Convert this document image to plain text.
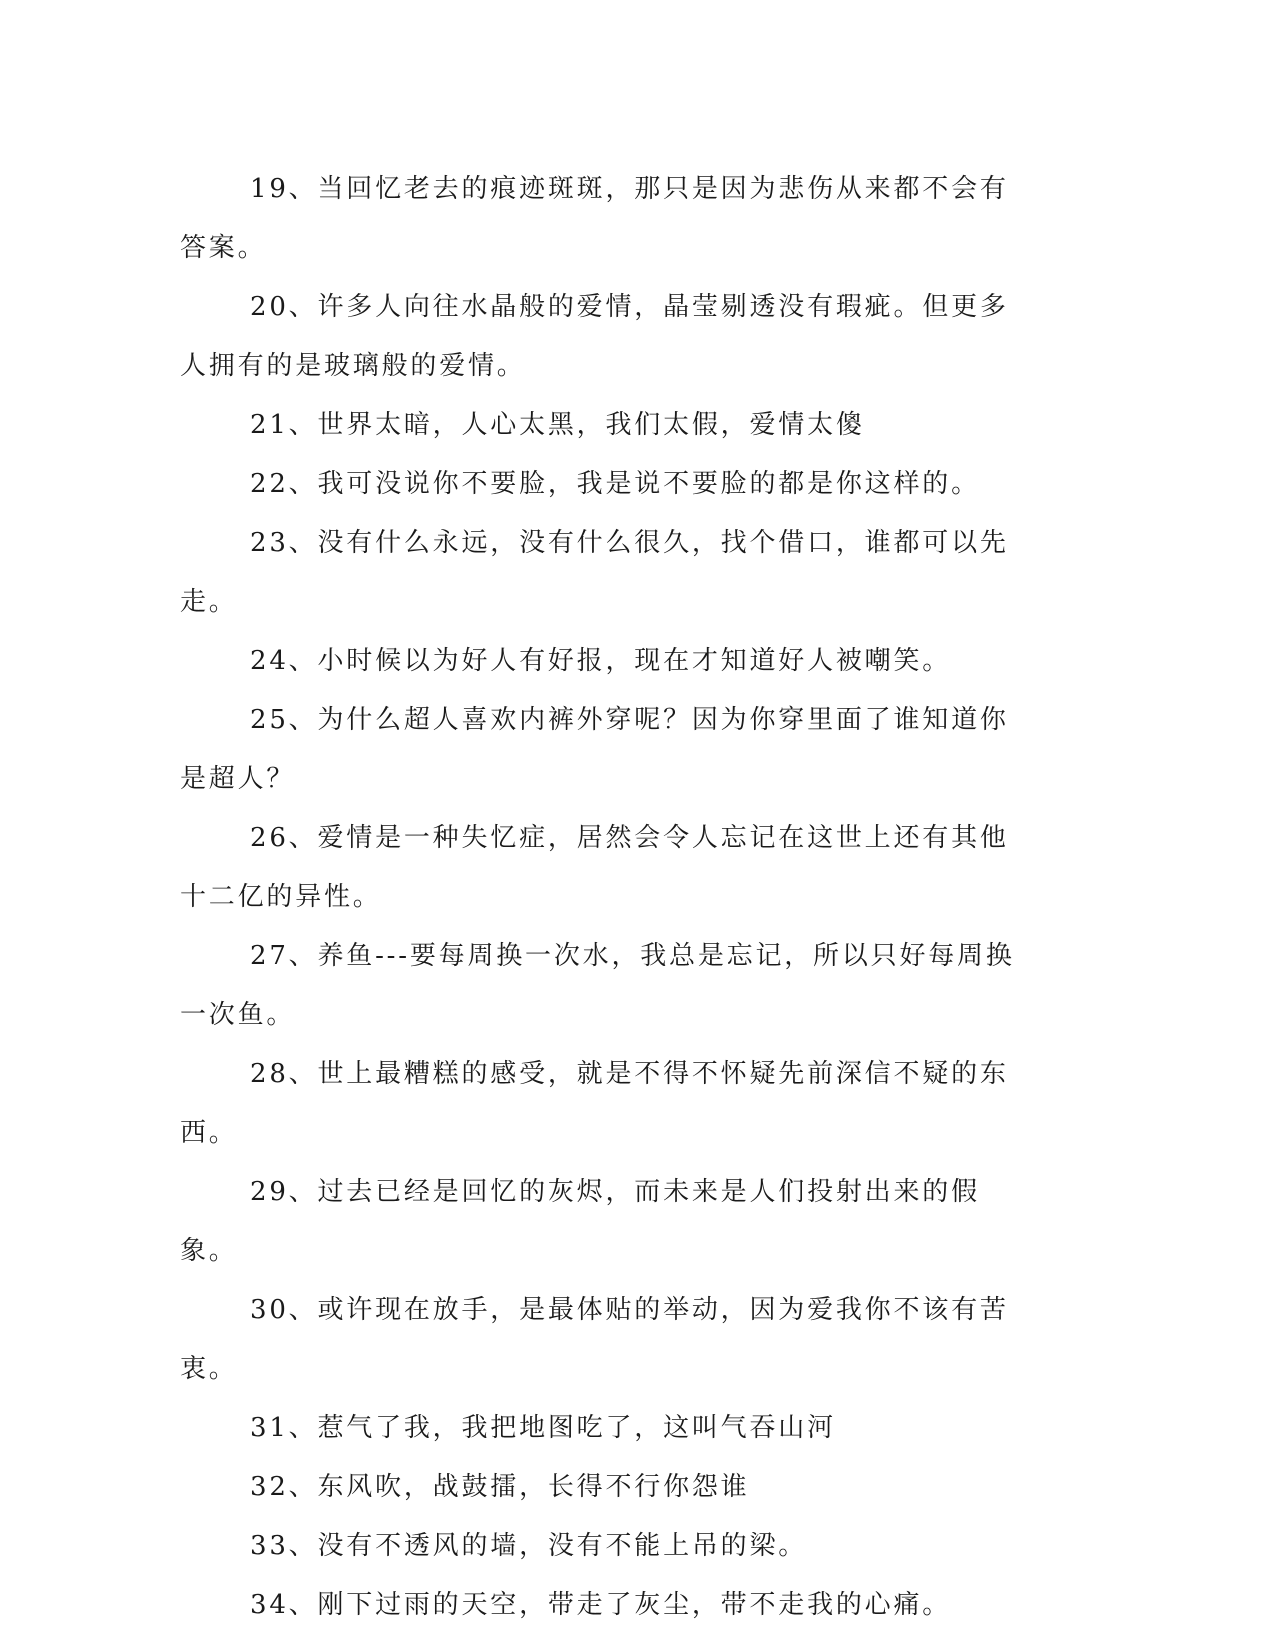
19、当回忆老去的痕迹斑斑，那只是因为悲伤从来都不会有答案。

20、许多人向往水晶般的爱情，晶莹剔透没有瑕疵。但更多人拥有的是玻璃般的爱情。

21、世界太暗，人心太黑，我们太假，爱情太傻

22、我可没说你不要脸，我是说不要脸的都是你这样的。

23、没有什么永远，没有什么很久，找个借口，谁都可以先走。

24、小时候以为好人有好报，现在才知道好人被嘲笑。

25、为什么超人喜欢内裤外穿呢？因为你穿里面了谁知道你是超人？

26、爱情是一种失忆症，居然会令人忘记在这世上还有其他十二亿的异性。

27、养鱼---要每周换一次水，我总是忘记，所以只好每周换一次鱼。

28、世上最糟糕的感受，就是不得不怀疑先前深信不疑的东西。

29、过去已经是回忆的灰烬，而未来是人们投射出来的假象。

30、或许现在放手，是最体贴的举动，因为爱我你不该有苦衷。

31、惹气了我，我把地图吃了，这叫气吞山河

32、东风吹，战鼓擂，长得不行你怨谁

33、没有不透风的墙，没有不能上吊的梁。

34、刚下过雨的天空，带走了灰尘，带不走我的心痛。
